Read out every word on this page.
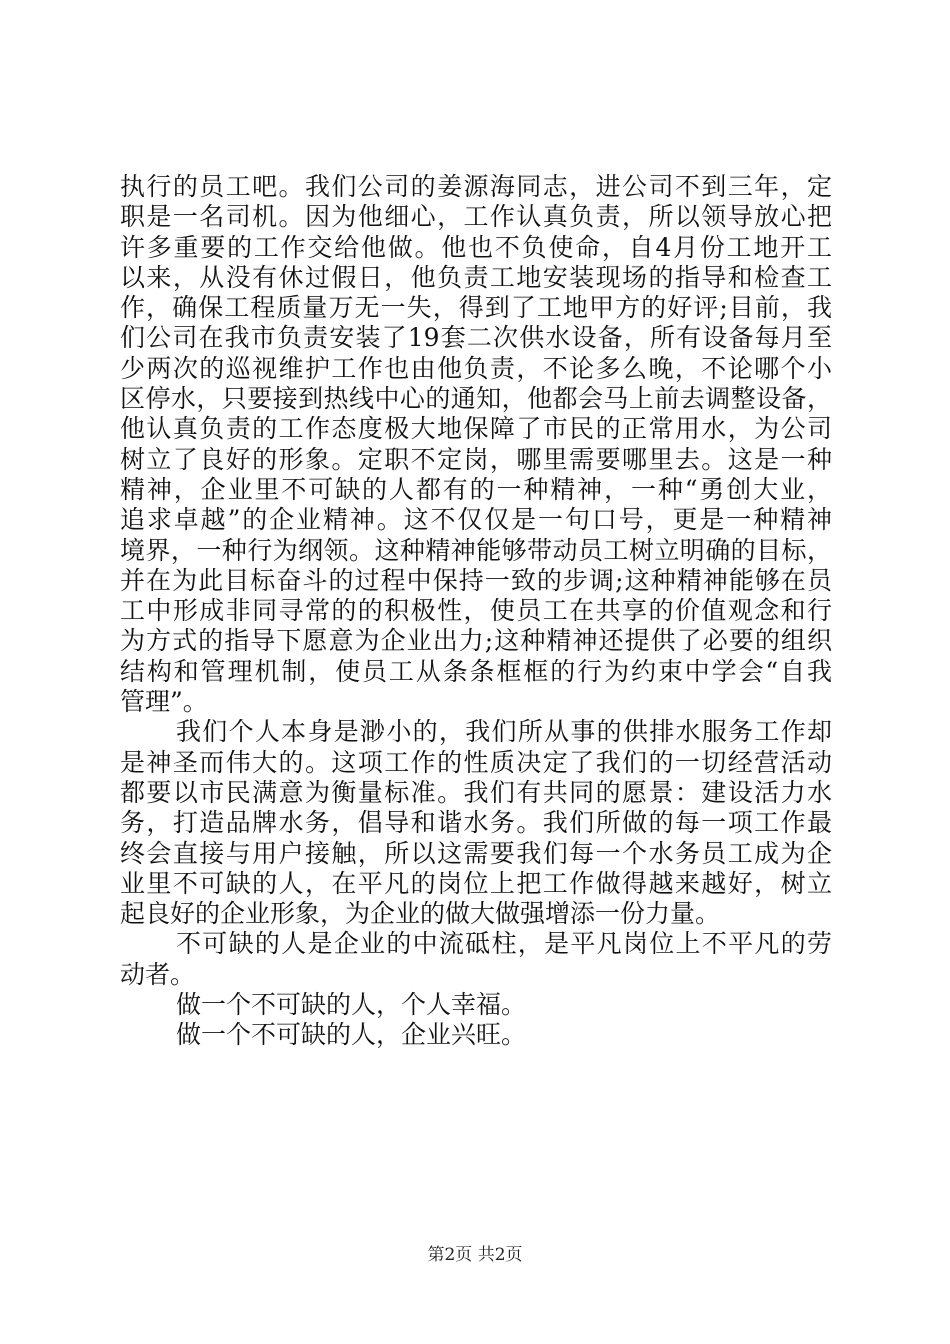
执行的员工吧。我们公司的姜源海同志，进公司不到三年，定
职是一名司机。因为他细心，工作认真负责，所以领导放心把
许多重要的工作交给他做。他也不负使命，自4月份工地开工
以来，从没有休过假日，他负责工地安装现场的指导和检查工
作，确保工程质量万无一失，得到了工地甲方的好评;目前，我
们公司在我市负责安装了19套二次供水设备，所有设备每月至
少两次的巡视维护工作也由他负责，不论多么晚，不论哪个小
区停水，只要接到热线中心的通知，他都会马上前去调整设备，
他认真负责的工作态度极大地保障了市民的正常用水，为公司
树立了良好的形象。定职不定岗，哪里需要哪里去。这是一种
精神，企业里不可缺的人都有的一种精神，一种“勇创大业，
追求卓越”的企业精神。这不仅仅是一句口号，更是一种精神
境界，一种行为纲领。这种精神能够带动员工树立明确的目标，
并在为此目标奋斗的过程中保持一致的步调;这种精神能够在员
工中形成非同寻常的的积极性，使员工在共享的价值观念和行
为方式的指导下愿意为企业出力;这种精神还提供了必要的组织
结构和管理机制，使员工从条条框框的行为约束中学会“自我
管理”。
我们个人本身是渺小的，我们所从事的供排水服务工作却
是神圣而伟大的。这项工作的性质决定了我们的一切经营活动
都要以市民满意为衡量标准。我们有共同的愿景：建设活力水
务，打造品牌水务，倡导和谐水务。我们所做的每一项工作最
终会直接与用户接触，所以这需要我们每一个水务员工成为企
业里不可缺的人，在平凡的岗位上把工作做得越来越好，树立
起良好的企业形象，为企业的做大做强增添一份力量。
不可缺的人是企业的中流砥柱，是平凡岗位上不平凡的劳
动者。
做一个不可缺的人，个人幸福。
做一个不可缺的人，企业兴旺。
第2页 共2页
